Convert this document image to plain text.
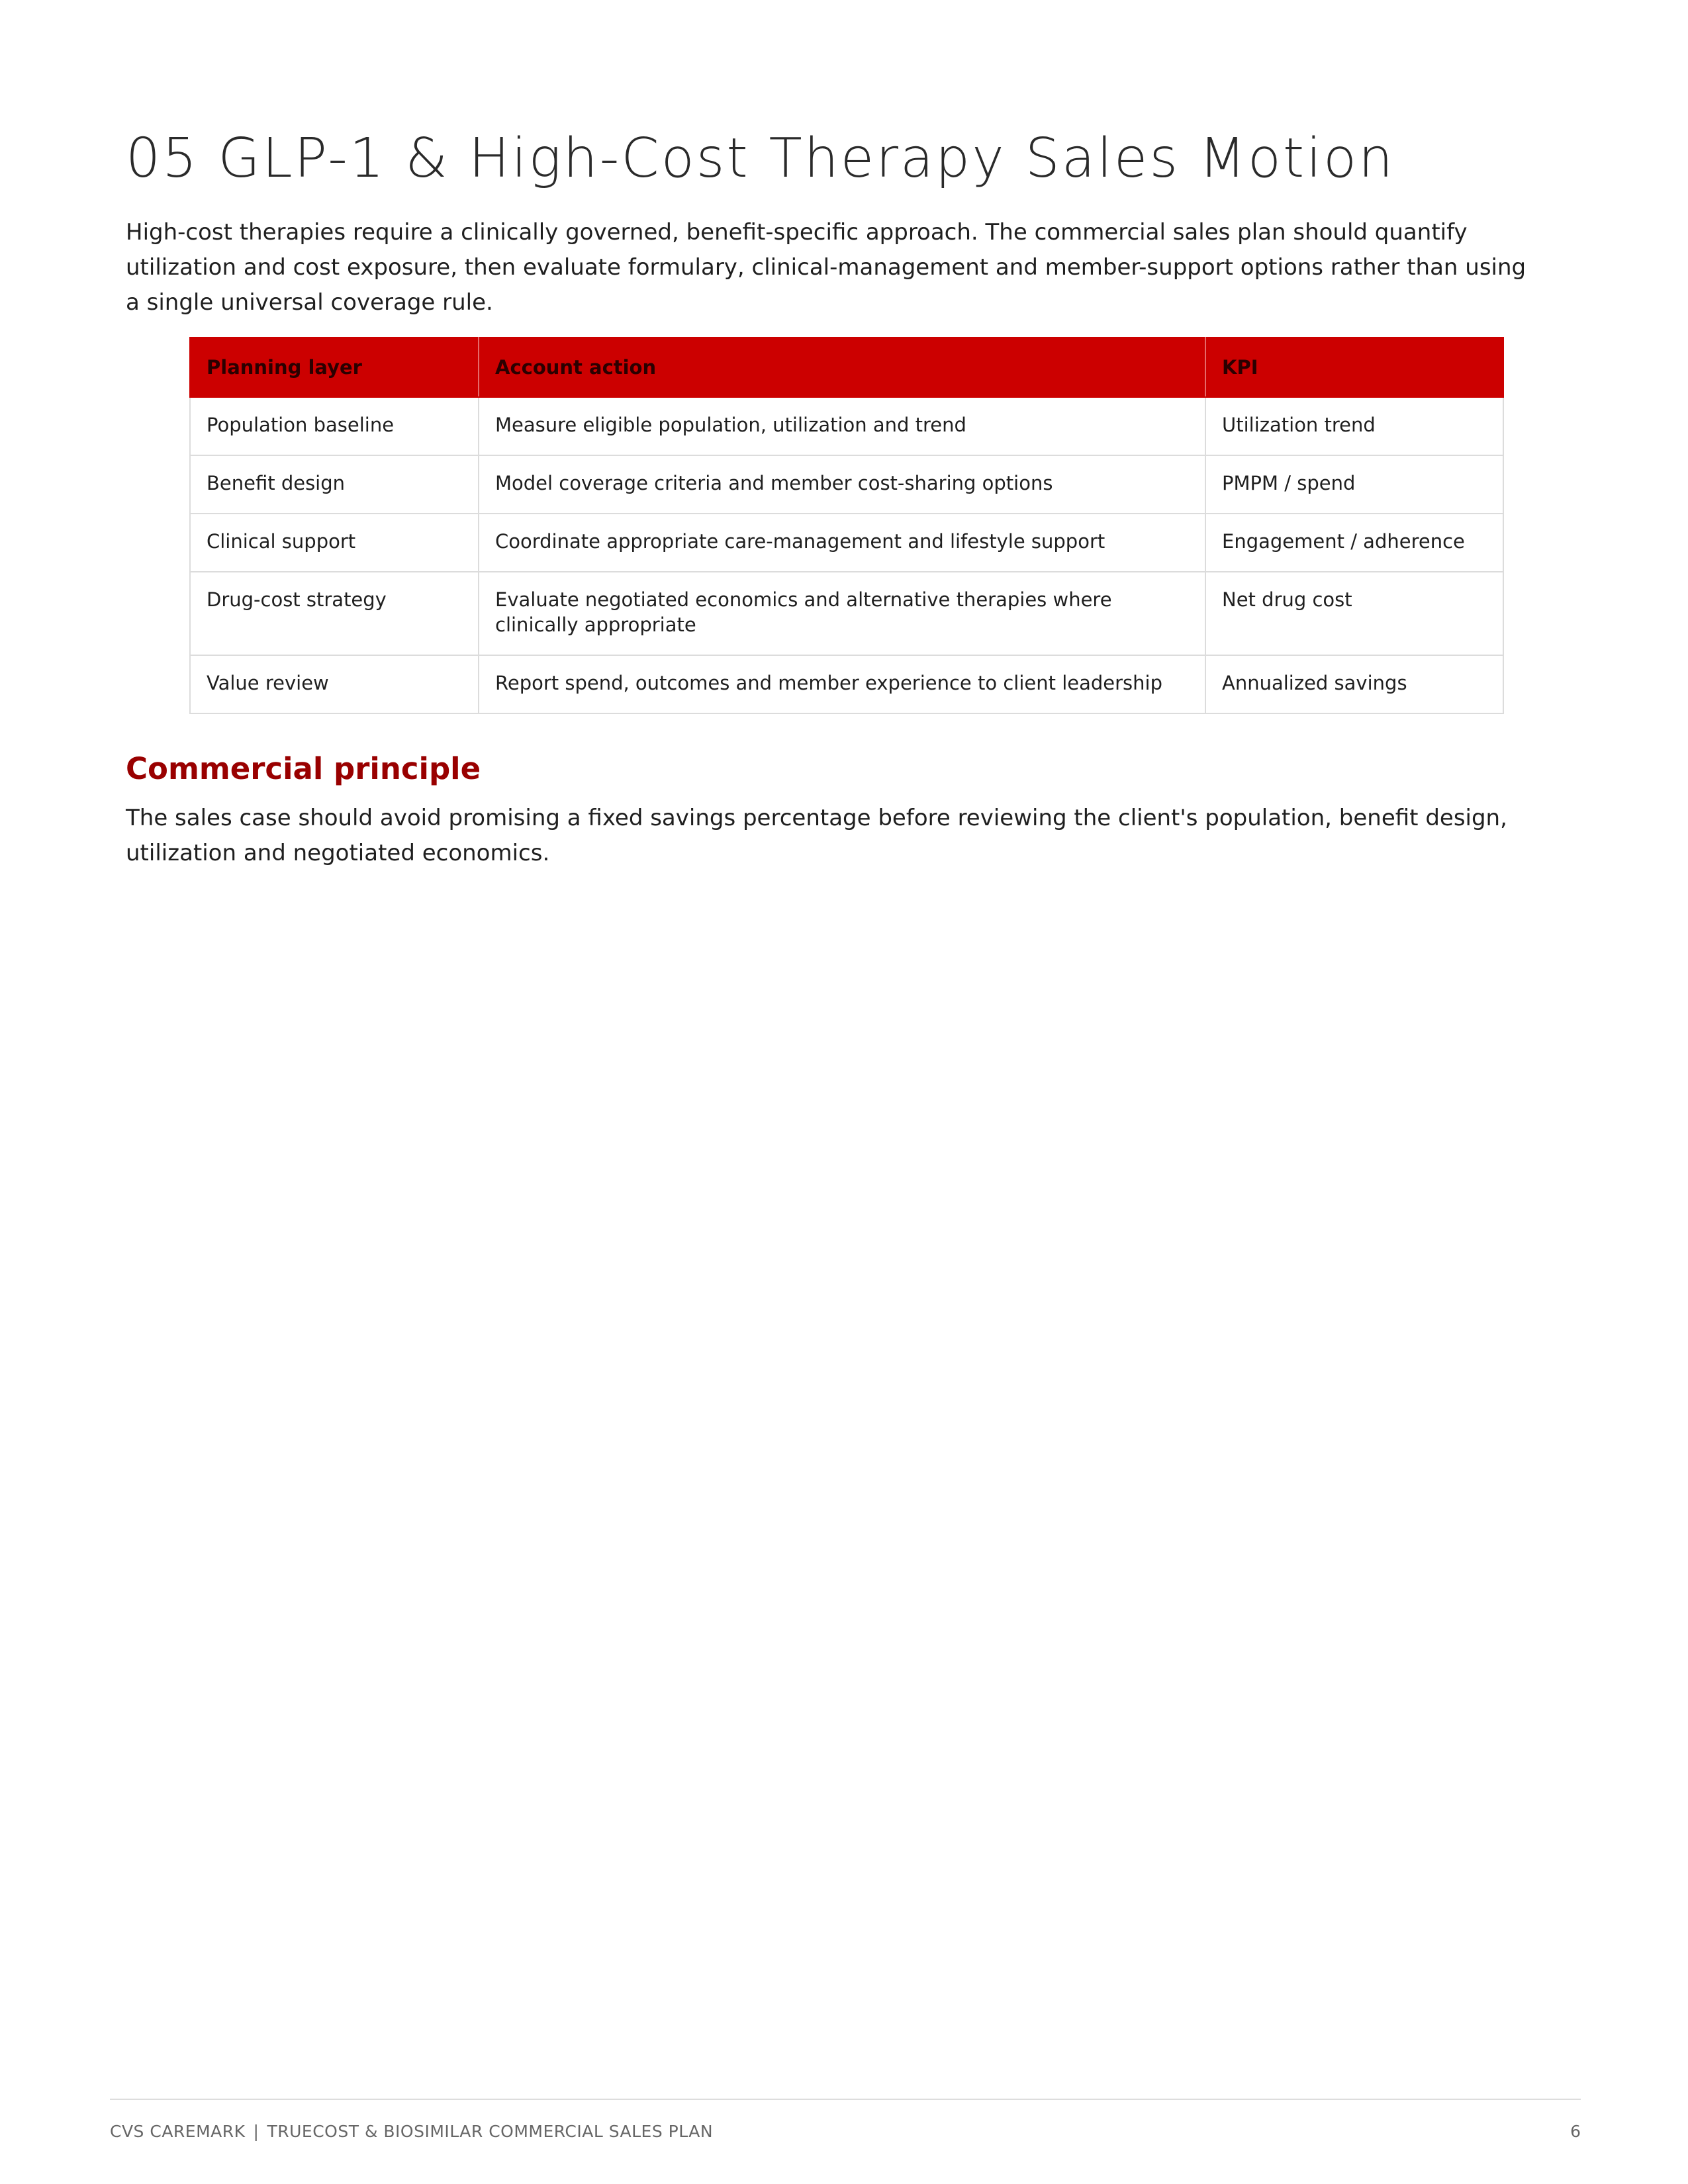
05 GLP-1 & High-Cost Therapy Sales Motion

High-cost therapies require a clinically governed, benefit-specific approach. The commercial sales plan should quantify utilization and cost exposure, then evaluate formulary, clinical-management and member-support options rather than using a single universal coverage rule.

Planning layer	Account action	KPI
Population baseline	Measure eligible population, utilization and trend	Utilization trend
Benefit design	Model coverage criteria and member cost-sharing options	PMPM / spend
Clinical support	Coordinate appropriate care-management and lifestyle support	Engagement / adherence
Drug-cost strategy	Evaluate negotiated economics and alternative therapies where clinically appropriate	Net drug cost
Value review	Report spend, outcomes and member experience to client leadership	Annualized savings
Commercial principle

The sales case should avoid promising a fixed savings percentage before reviewing the client's population, benefit design, utilization and negotiated economics.

CVS CAREMARK | TRUECOST & BIOSIMILAR COMMERCIAL SALES PLAN	6
